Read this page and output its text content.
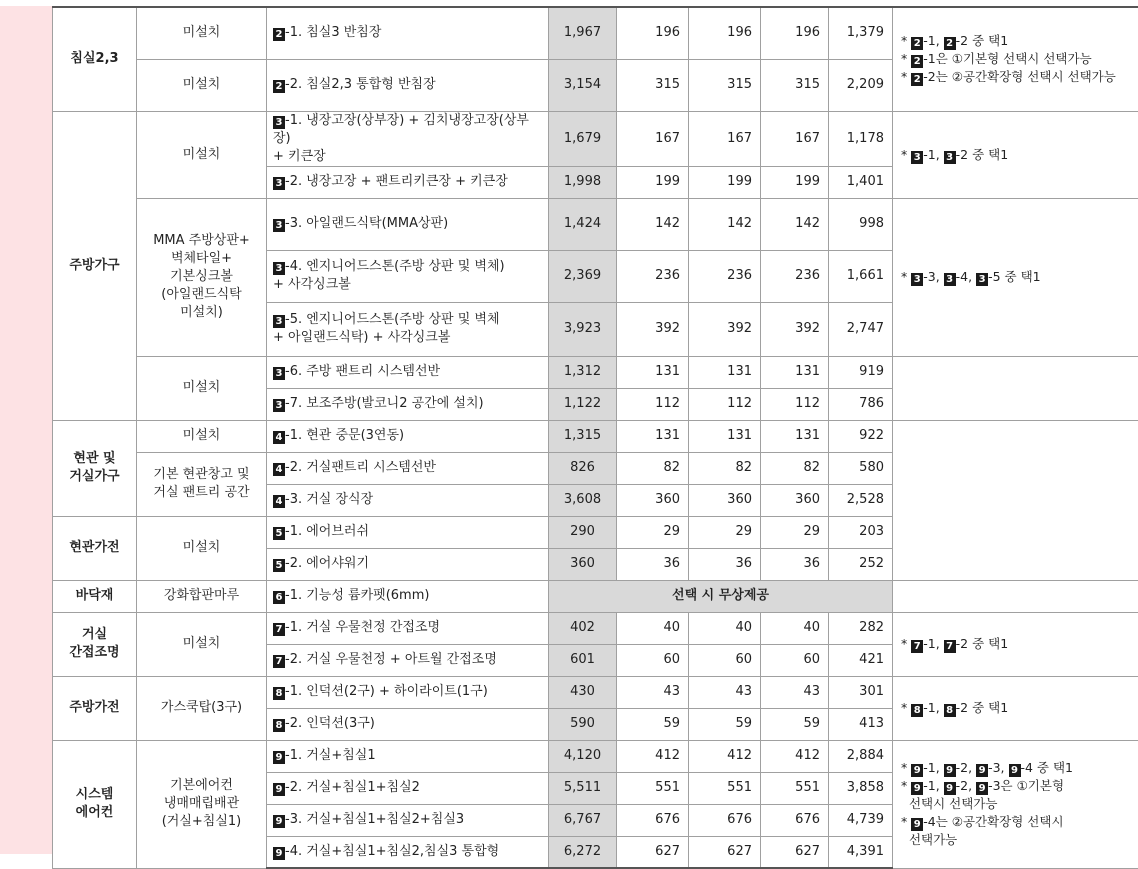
침실2,3	미설치	2 -1. 침실3 반침장	1,967	196	196	196	1,379	* 2 -1, 2 -2 중 택1
* 2 -1은 ①기본형 선택시 선택가능
* 2 -2는 ②공간확장형 선택시 선택가능

	미설치	2 -2. 침실2,3 통합형 반침장	3,154	315	315	315	2,209	
주방가구	미설치	3 -1. 냉장고장(상부장) + 김치냉장고장(상부장)
+ 키큰장	1,679	167	167	167	1,178	* 3 -1, 3 -2 중 택1

		3 -2. 냉장고장 + 팬트리키큰장 + 키큰장	1,998	199	199	199	1,401	
	MMA 주방상판+
벽체타일+
기본싱크볼
(아일랜드식탁
미설치)	3 -3. 아일랜드식탁(MMA상판)	1,424	142	142	142	998	* 3 -3, 3 -4, 3 -5 중 택1

		3 -4. 엔지니어드스톤(주방 상판 및 벽체)
+ 사각싱크볼	2,369	236	236	236	1,661	
		3 -5. 엔지니어드스톤(주방 상판 및 벽체
+ 아일랜드식탁) + 사각싱크볼	3,923	392	392	392	2,747	
	미설치	3 -6. 주방 팬트리 시스템선반	1,312	131	131	131	919	
		3 -7. 보조주방(발코니2 공간에 설치)	1,122	112	112	112	786	
현관 및
거실가구	미설치	4 -1. 현관 중문(3연동)	1,315	131	131	131	922	
	기본 현관창고 및
거실 팬트리 공간	4 -2. 거실팬트리 시스템선반	826	82	82	82	580	
		4 -3. 거실 장식장	3,608	360	360	360	2,528	
현관가전	미설치	5 -1. 에어브러쉬	290	29	29	29	203	
		5 -2. 에어샤워기	360	36	36	36	252	
바닥재	강화합판마루	6 -1. 기능성 륨카펫(6mm)	선택 시 무상제공					
거실
간접조명	미설치	7 -1. 거실 우물천정 간접조명	402	40	40	40	282	* 7 -1, 7 -2 중 택1

		7 -2. 거실 우물천정 + 아트월 간접조명	601	60	60	60	421	
주방가전	가스쿡탑(3구)	8 -1. 인덕션(2구) + 하이라이트(1구)	430	43	43	43	301	* 8 -1, 8 -2 중 택1

		8 -2. 인덕션(3구)	590	59	59	59	413	
시스템
에어컨	기본에어컨
냉매매립배관
(거실+침실1)	9 -1. 거실+침실1	4,120	412	412	412	2,884	* 9 -1, 9 -2, 9 -3, 9 -4 중 택1
* 9 -1, 9 -2, 9 -3은 ①기본형
선택시 선택가능
* 9 -4는 ②공간확장형 선택시
선택가능

		9 -2. 거실+침실1+침실2	5,511	551	551	551	3,858	
		9 -3. 거실+침실1+침실2+침실3	6,767	676	676	676	4,739	
		9 -4. 거실+침실1+침실2,침실3 통합형	6,272	627	627	627	4,391	
